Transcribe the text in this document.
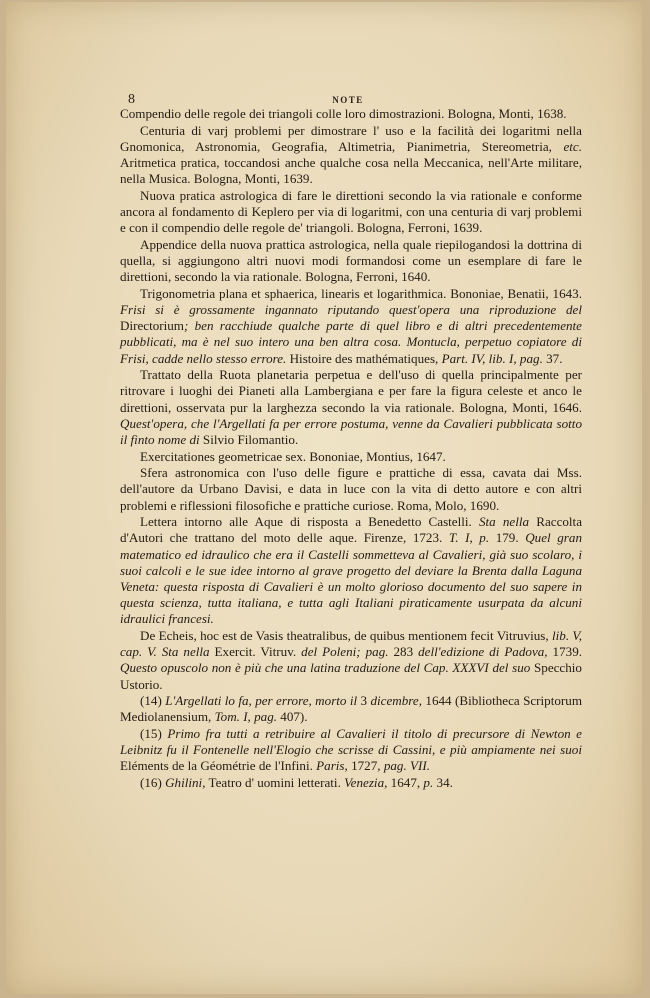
8	NOTE

Compendio delle regole dei triangoli colle loro dimostrazioni. Bologna, Monti, 1638.

Centuria di varj problemi per dimostrare l' uso e la facilità dei logaritmi nella Gnomonica, Astronomia, Geografia, Altimetria, Pianimetria, Stereometria, etc. Aritmetica pratica, toccandosi anche qualche cosa nella Meccanica, nell'Arte militare, nella Musica. Bologna, Monti, 1639.

Nuova pratica astrologica di fare le direttioni secondo la via rationale e conforme ancora al fondamento di Keplero per via di logaritmi, con una centuria di varj problemi e con il compendio delle regole de' triangoli. Bologna, Ferroni, 1639.

Appendice della nuova prattica astrologica, nella quale riepilogandosi la dottrina di quella, si aggiungono altri nuovi modi formandosi come un esemplare di fare le direttioni, secondo la via rationale. Bologna, Ferroni, 1640.

Trigonometria plana et sphaerica, linearis et logarithmica. Bononiae, Benatii, 1643. Frisi si è grossamente ingannato riputando quest'opera una riproduzione del Directorium; ben racchiude qualche parte di quel libro e di altri precedentemente pubblicati, ma è nel suo intero una ben altra cosa. Montucla, perpetuo copiatore di Frisi, cadde nello stesso errore. Histoire des mathématiques, Part. IV, lib. I, pag. 37.

Trattato della Ruota planetaria perpetua e dell'uso di quella principalmente per ritrovare i luoghi dei Pianeti alla Lambergiana e per fare la figura celeste et anco le direttioni, osservata pur la larghezza secondo la via rationale. Bologna, Monti, 1646. Quest'opera, che l'Argellati fa per errore postuma, venne da Cavalieri pubblicata sotto il finto nome di Silvio Filomantio.

Exercitationes geometricae sex. Bononiae, Montius, 1647.

Sfera astronomica con l'uso delle figure e prattiche di essa, cavata dai Mss. dell'autore da Urbano Davisi, e data in luce con la vita di detto autore e con altri problemi e riflessioni filosofiche e prattiche curiose. Roma, Molo, 1690.

Lettera intorno alle Aque di risposta a Benedetto Castelli. Sta nella Raccolta d'Autori che trattano del moto delle aque. Firenze, 1723. T. I, p. 179. Quel gran matematico ed idraulico che era il Castelli sommetteva al Cavalieri, già suo scolaro, i suoi calcoli e le sue idee intorno al grave progetto del deviare la Brenta dalla Laguna Veneta: questa risposta di Cavalieri è un molto glorioso documento del suo sapere in questa scienza, tutta italiana, e tutta agli Italiani piraticamente usurpata da alcuni idraulici francesi.

De Echeis, hoc est de Vasis theatralibus, de quibus mentionem fecit Vitruvius, lib. V, cap. V. Sta nella Exercit. Vitruv. del Poleni; pag. 283 dell'edizione di Padova, 1739. Questo opuscolo non è più che una latina traduzione del Cap. XXXVI del suo Specchio Ustorio.

(14) L'Argellati lo fa, per errore, morto il 3 dicembre, 1644 (Bibliotheca Scriptorum Mediolanensium, Tom. I, pag. 407).

(15) Primo fra tutti a retribuire al Cavalieri il titolo di precursore di Newton e Leibnitz fu il Fontenelle nell'Elogio che scrisse di Cassini, e più ampiamente nei suoi Eléments de la Géométrie de l'Infini. Paris, 1727, pag. VII.

(16) Ghilini, Teatro d' uomini letterati. Venezia, 1647, p. 34.
